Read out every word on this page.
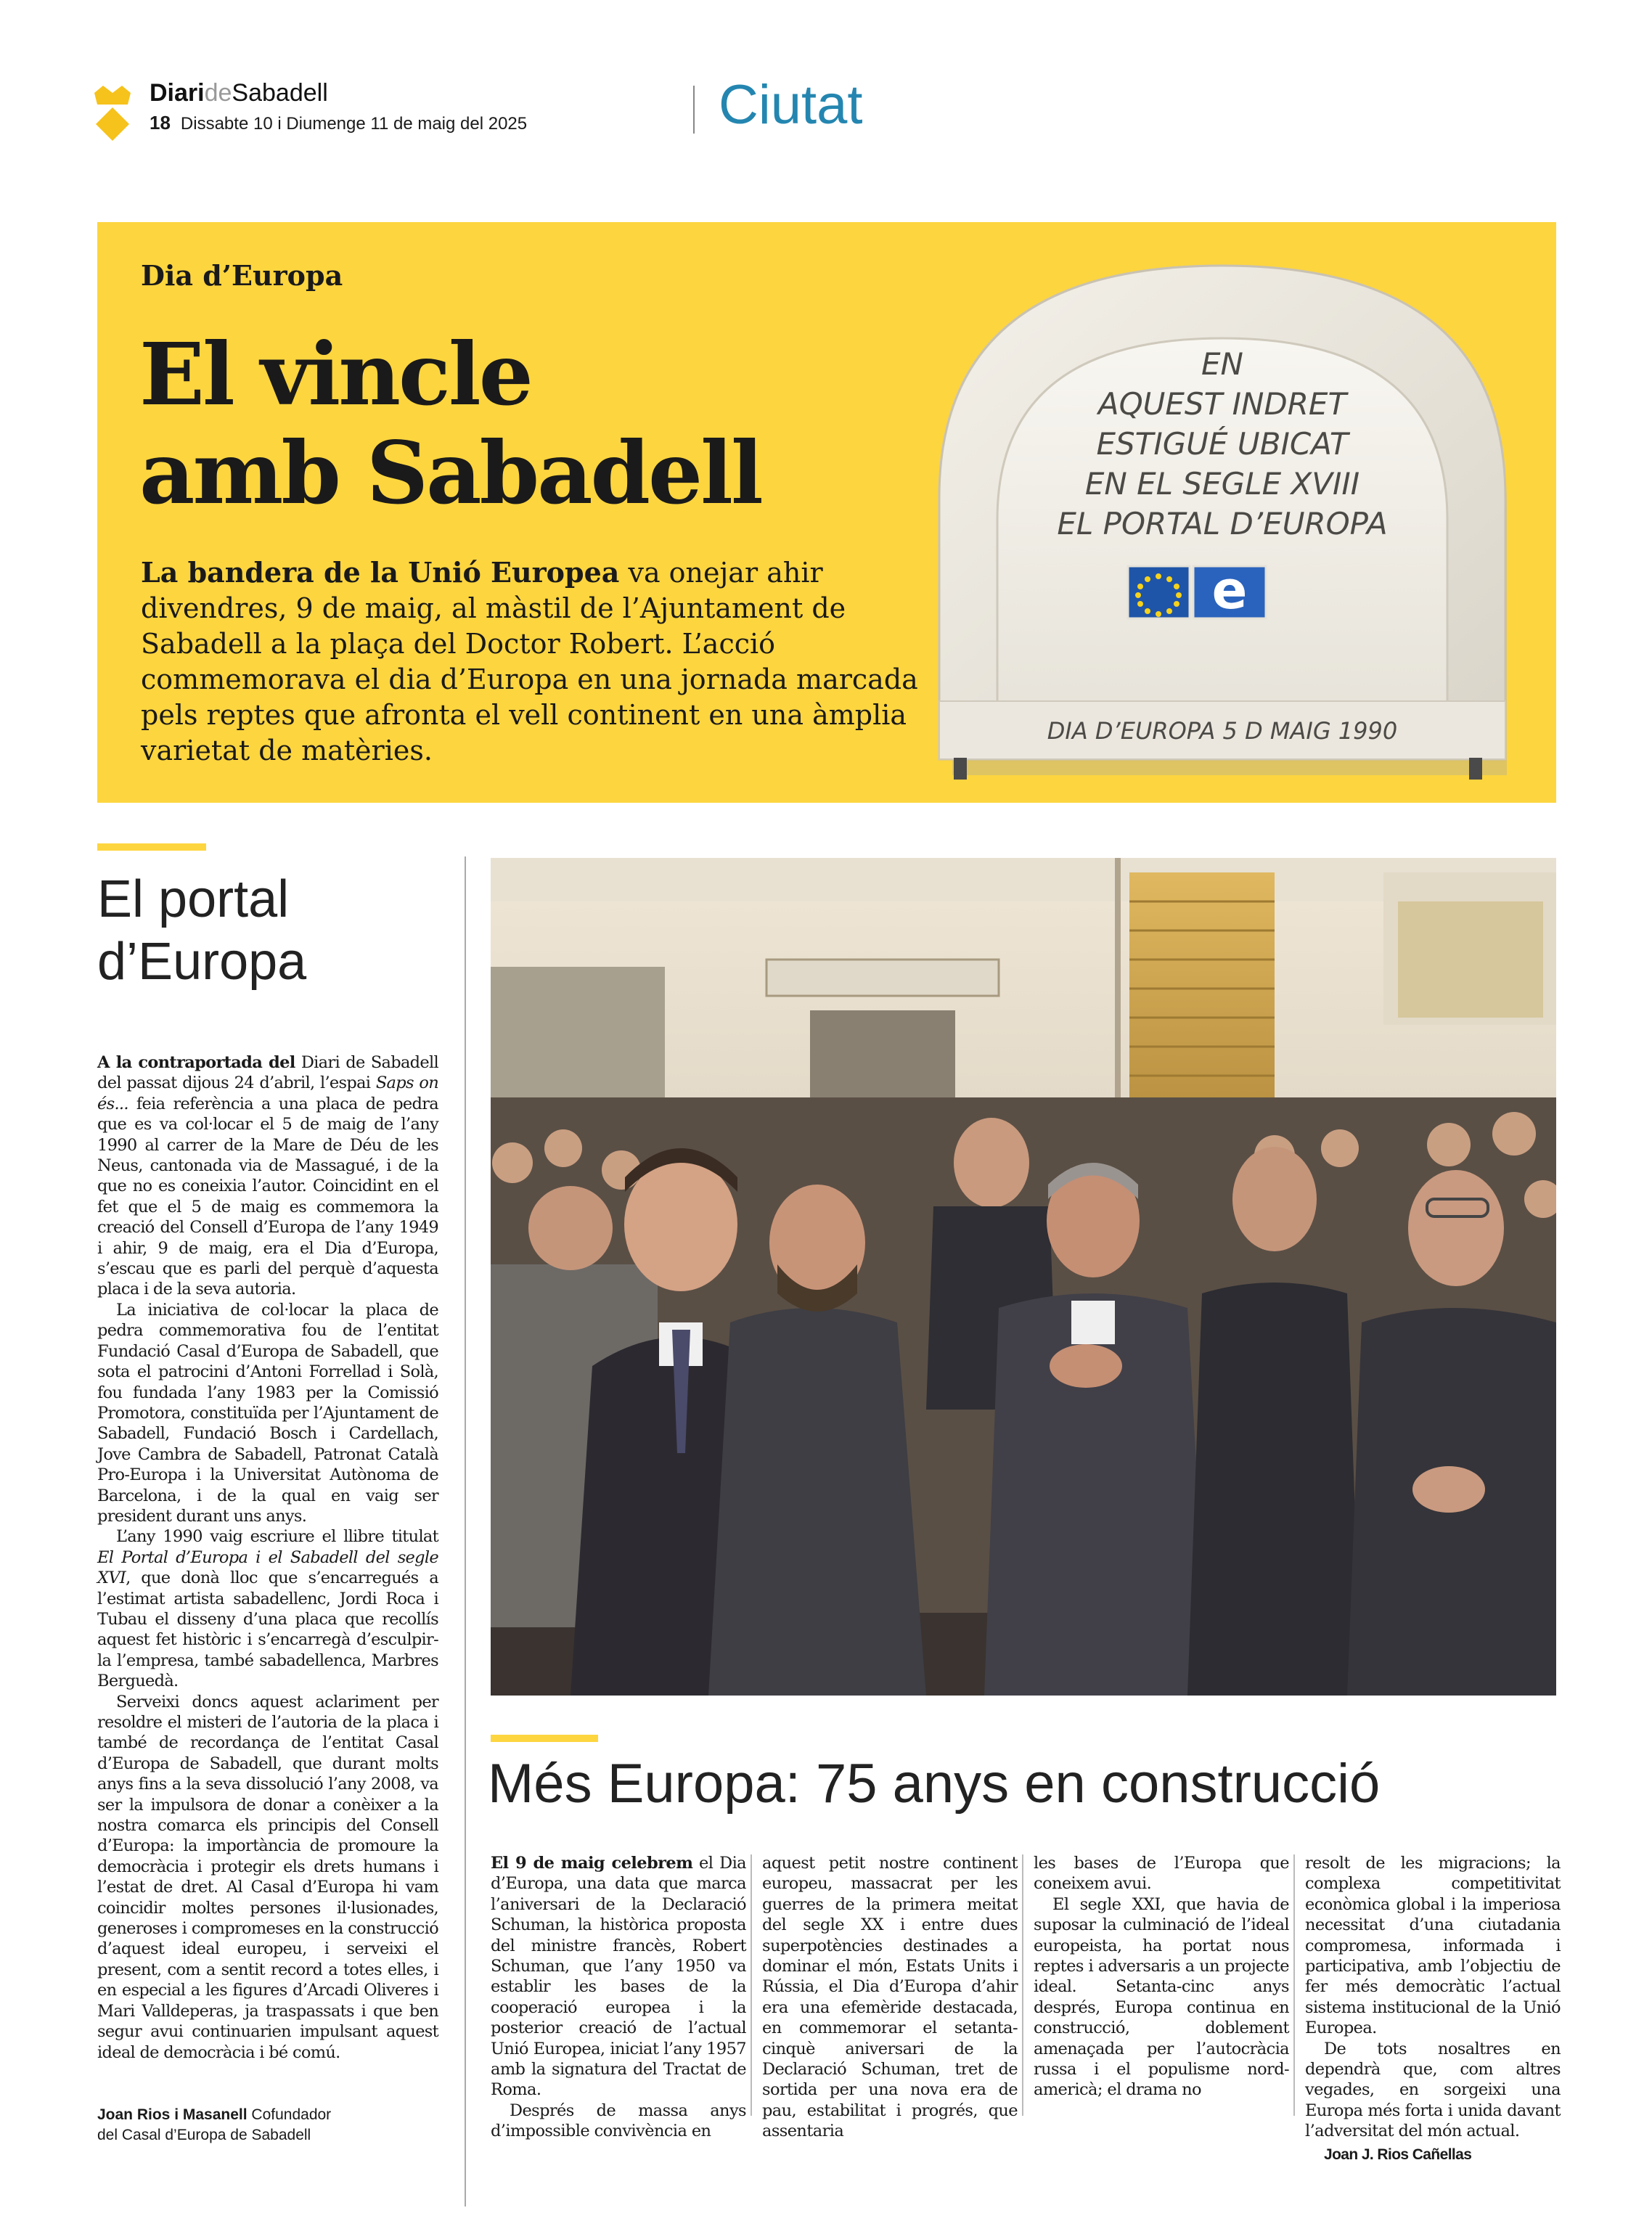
DiarideSabadell
18 Dissabte 10 i Diumenge 11 de maig del 2025	Ciutat
Dia d’Europa
El vincle
amb Sabadell
La bandera de la Unió Europea va onejar ahir divendres, 9 de maig, al màstil de l’Ajuntament de Sabadell a la plaça del Doctor Robert. L’acció commemorava el dia d’Europa en una jornada marcada pels reptes que afronta el vell continent en una àmplia varietat de matèries.
EN
AQUEST INDRET
ESTIGUÉ UBICAT
EN EL SEGLE XVIII
EL PORTAL D’EUROPA
e
DIA D’EUROPA 5 D MAIG 1990
El portal
d’Europa

A la contraportada del Diari de Sabadell del passat dijous 24 d’abril, l’espai Saps on és... feia referència a una placa de pedra que es va col·locar el 5 de maig de l’any 1990 al carrer de la Mare de Déu de les Neus, cantonada via de Massagué, i de la que no es coneixia l’autor. Coincidint en el fet que el 5 de maig es commemora la creació del Consell d’Europa de l’any 1949 i ahir, 9 de maig, era el Dia d’Europa, s’escau que es parli del perquè d’aquesta placa i de la seva autoria.

La iniciativa de col·locar la placa de pedra commemorativa fou de l’entitat Fundació Casal d’Europa de Sabadell, que sota el patrocini d’Antoni Forrellad i Solà, fou fundada l’any 1983 per la Comissió Promotora, constituïda per l’Ajuntament de Sabadell, Fundació Bosch i Cardellach, Jove Cambra de Sabadell, Patronat Català Pro-Europa i la Universitat Autònoma de Barcelona, i de la qual en vaig ser president durant uns anys.

L’any 1990 vaig escriure el llibre titulat El Portal d’Europa i el Sabadell del segle XVI, que donà lloc que s’encarregués a l’estimat artista sabadellenc, Jordi Roca i Tubau el disseny d’una placa que recollís aquest fet històric i s’encarregà d’esculpir-la l’empresa, també sabadellenca, Marbres Berguedà.

Serveixi doncs aquest aclariment per resoldre el misteri de l’autoria de la placa i també de recordança de l’entitat Casal d’Europa de Sabadell, que durant molts anys fins a la seva dissolució l’any 2008, va ser la impulsora de donar a conèixer a la nostra comarca els principis del Consell d’Europa: la importància de promoure la democràcia i protegir els drets humans i l’estat de dret. Al Casal d’Europa hi vam coincidir moltes persones il·lusionades, generoses i compromeses en la construcció d’aquest ideal europeu, i serveixi el present, com a sentit record a totes elles, i en especial a les figures d’Arcadi Oliveres i Mari Valldeperas, ja traspassats i que ben segur avui continuarien impulsant aquest ideal de democràcia i bé comú.

Joan Rios i Masanell Cofundador
del Casal d’Europa de Sabadell
Més Europa: 75 anys en construcció

El 9 de maig celebrem el Dia d’Europa, una data que marca l’aniversari de la Declaració Schuman, la històrica proposta del ministre francès, Robert Schuman, que l’any 1950 va establir les bases de la cooperació europea i la posterior creació de l’actual Unió Europea, iniciat l’any 1957 amb la signatura del Tractat de Roma.

Després de massa anys d’impossible convivència en

aquest petit nostre continent europeu, massacrat per les guerres de la primera meitat del segle XX i entre dues superpotències destinades a dominar el món, Estats Units i Rússia, el Dia d’Europa d’ahir era una efemèride destacada, en commemorar el setanta-cinquè aniversari de la Declaració Schuman, tret de sortida per una nova era de pau, estabilitat i progrés, que assentaria

les bases de l’Europa que coneixem avui.

El segle XXI, que havia de suposar la culminació de l’ideal europeista, ha portat nous reptes i adversaris a un projecte ideal. Setanta-cinc anys després, Europa continua en construcció, doblement amenaçada per l’autocràcia russa i el populisme nord-americà; el drama no

resolt de les migracions; la complexa competitivitat econòmica global i la imperiosa necessitat d’una ciutadania compromesa, informada i participativa, amb l’objectiu de fer més democràtic l’actual sistema institucional de la Unió Europea.

De tots nosaltres en dependrà que, com altres vegades, en sorgeixi una Europa més forta i unida davant l’adversitat del món actual.

Joan J. Rios Cañellas
